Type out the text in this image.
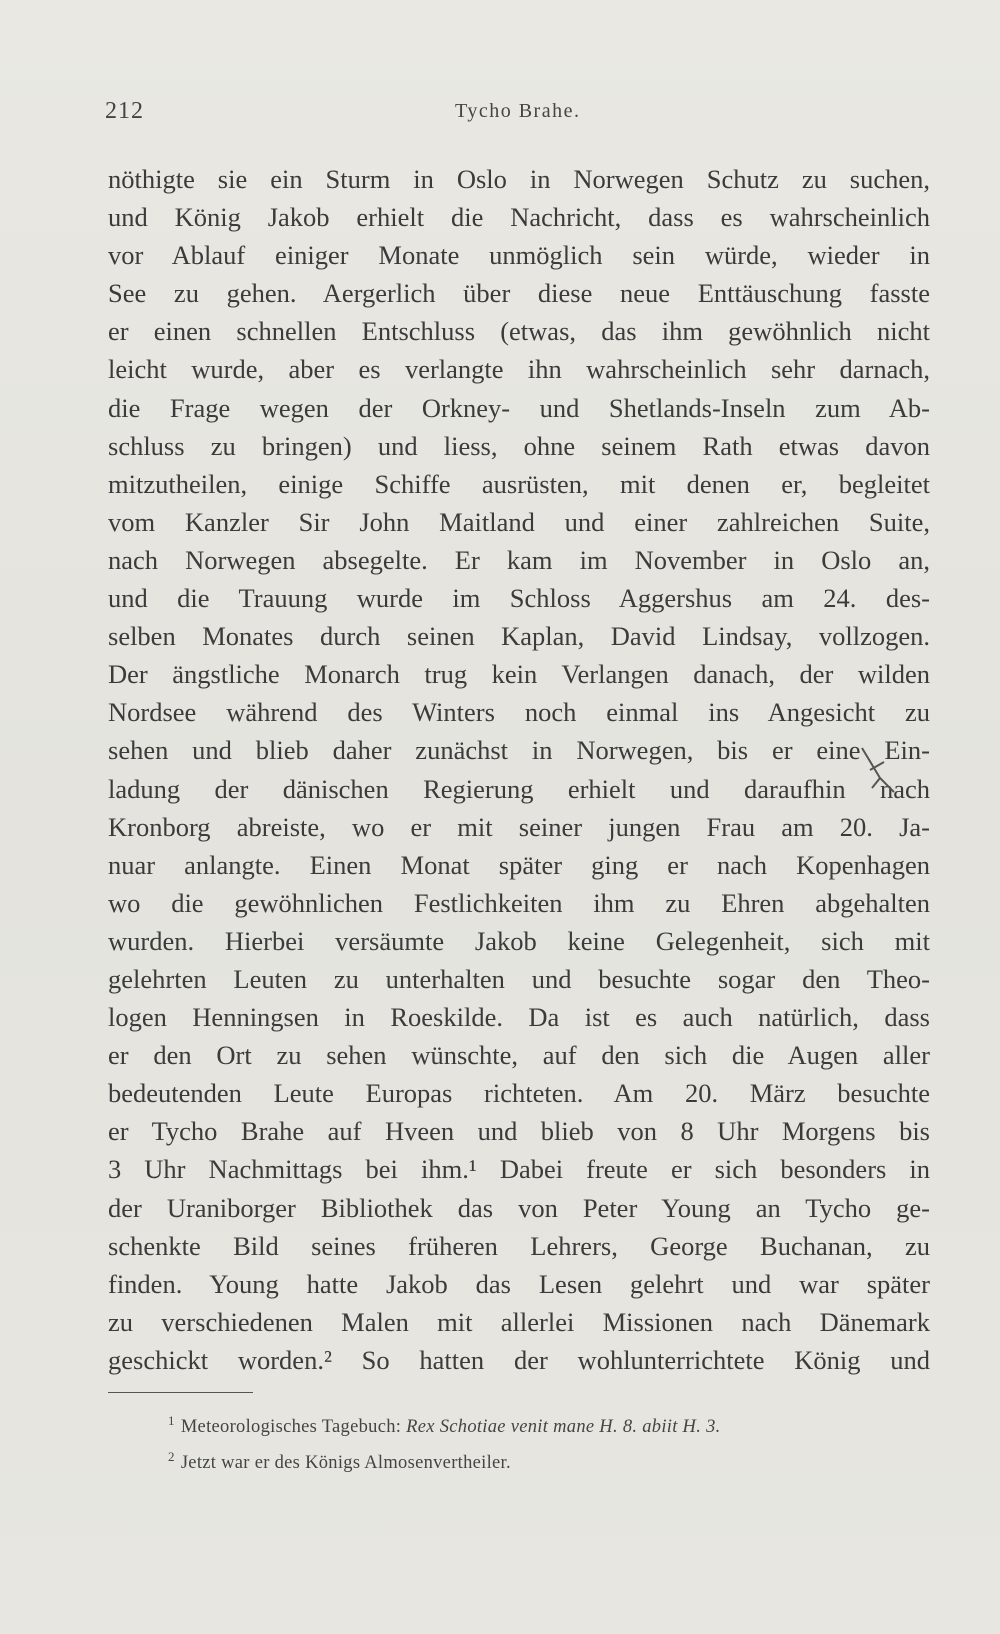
212	Tycho Brahe.
nöthigte sie ein Sturm in Oslo in Norwegen Schutz zu suchen,
und König Jakob erhielt die Nachricht, dass es wahrscheinlich
vor Ablauf einiger Monate unmöglich sein würde, wieder in
See zu gehen. Aergerlich über diese neue Enttäuschung fasste
er einen schnellen Entschluss (etwas, das ihm gewöhnlich nicht
leicht wurde, aber es verlangte ihn wahrscheinlich sehr darnach,
die Frage wegen der Orkney- und Shetlands-Inseln zum Ab-
schluss zu bringen) und liess, ohne seinem Rath etwas davon
mitzutheilen, einige Schiffe ausrüsten, mit denen er, begleitet
vom Kanzler Sir John Maitland und einer zahlreichen Suite,
nach Norwegen absegelte. Er kam im November in Oslo an,
und die Trauung wurde im Schloss Aggershus am 24. des-
selben Monates durch seinen Kaplan, David Lindsay, vollzogen.
Der ängstliche Monarch trug kein Verlangen danach, der wilden
Nordsee während des Winters noch einmal ins Angesicht zu
sehen und blieb daher zunächst in Norwegen, bis er eine Ein-
ladung der dänischen Regierung erhielt und daraufhin nach
Kronborg abreiste, wo er mit seiner jungen Frau am 20. Ja-
nuar anlangte. Einen Monat später ging er nach Kopenhagen
wo die gewöhnlichen Festlichkeiten ihm zu Ehren abgehalten
wurden. Hierbei versäumte Jakob keine Gelegenheit, sich mit
gelehrten Leuten zu unterhalten und besuchte sogar den Theo-
logen Henningsen in Roeskilde. Da ist es auch natürlich, dass
er den Ort zu sehen wünschte, auf den sich die Augen aller
bedeutenden Leute Europas richteten. Am 20. März besuchte
er Tycho Brahe auf Hveen und blieb von 8 Uhr Morgens bis
3 Uhr Nachmittags bei ihm.¹ Dabei freute er sich besonders in
der Uraniborger Bibliothek das von Peter Young an Tycho ge-
schenkte Bild seines früheren Lehrers, George Buchanan, zu
finden. Young hatte Jakob das Lesen gelehrt und war später
zu verschiedenen Malen mit allerlei Missionen nach Dänemark
geschickt worden.² So hatten der wohlunterrichtete König und
$^1$ Meteorologisches Tagebuch: Rex Schotiae venit mane H. 8. abiit H. 3.
$^2$ Jetzt war er des Königs Almosenvertheiler.
